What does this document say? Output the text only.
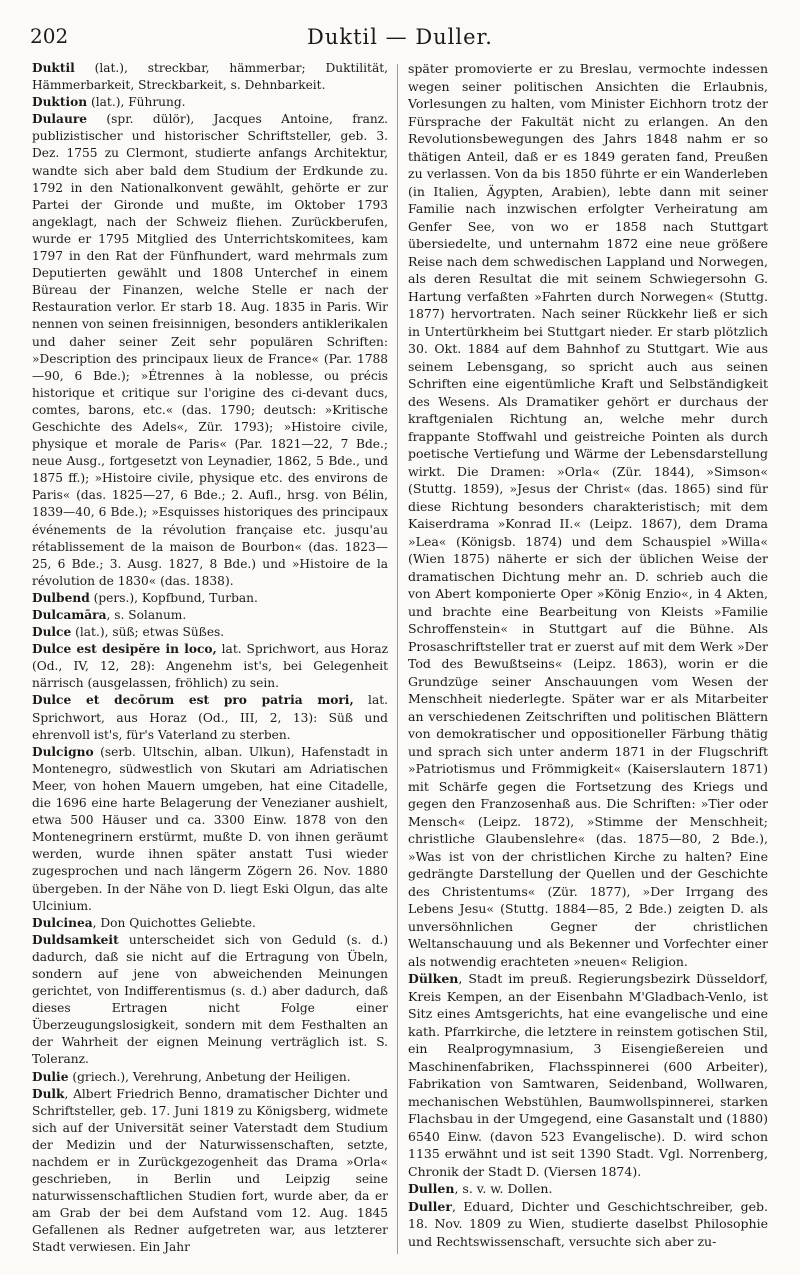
202	Duktil — Duller.

Duktil (lat.), streckbar, hämmerbar; Duktilität, Hämmerbarkeit, Streckbarkeit, s. Dehnbarkeit.

Duktion (lat.), Führung.

Dulaure (spr. dülör), Jacques Antoine, franz. publizistischer und historischer Schriftsteller, geb. 3. Dez. 1755 zu Clermont, studierte anfangs Architektur, wandte sich aber bald dem Studium der Erdkunde zu. 1792 in den Nationalkonvent gewählt, gehörte er zur Partei der Gironde und mußte, im Oktober 1793 angeklagt, nach der Schweiz fliehen. Zurückberufen, wurde er 1795 Mitglied des Unterrichtskomitees, kam 1797 in den Rat der Fünfhundert, ward mehrmals zum Deputierten gewählt und 1808 Unterchef in einem Büreau der Finanzen, welche Stelle er nach der Restauration verlor. Er starb 18. Aug. 1835 in Paris. Wir nennen von seinen freisinnigen, besonders antiklerikalen und daher seiner Zeit sehr populären Schriften: »Description des principaux lieux de France« (Par. 1788—90, 6 Bde.); »Étrennes à la noblesse, ou précis historique et critique sur l'origine des ci-devant ducs, comtes, barons, etc.« (das. 1790; deutsch: »Kritische Geschichte des Adels«, Zür. 1793); »Histoire civile, physique et morale de Paris« (Par. 1821—22, 7 Bde.; neue Ausg., fortgesetzt von Leynadier, 1862, 5 Bde., und 1875 ff.); »Histoire civile, physique etc. des environs de Paris« (das. 1825—27, 6 Bde.; 2. Aufl., hrsg. von Bélin, 1839—40, 6 Bde.); »Esquisses historiques des principaux événements de la révolution française etc. jusqu'au rétablissement de la maison de Bourbon« (das. 1823—25, 6 Bde.; 3. Ausg. 1827, 8 Bde.) und »Histoire de la révolution de 1830« (das. 1838).

Dulbend (pers.), Kopfbund, Turban.

Dulcamāra, s. Solanum.

Dulce (lat.), süß; etwas Süßes.

Dulce est desipĕre in loco, lat. Sprichwort, aus Horaz (Od., IV, 12, 28): Angenehm ist's, bei Gelegenheit närrisch (ausgelassen, fröhlich) zu sein.

Dulce et decōrum est pro patria mori, lat. Sprichwort, aus Horaz (Od., III, 2, 13): Süß und ehrenvoll ist's, für's Vaterland zu sterben.

Dulcigno (serb. Ultschin, alban. Ulkun), Hafenstadt in Montenegro, südwestlich von Skutari am Adriatischen Meer, von hohen Mauern umgeben, hat eine Citadelle, die 1696 eine harte Belagerung der Venezianer aushielt, etwa 500 Häuser und ca. 3300 Einw. 1878 von den Montenegrinern erstürmt, mußte D. von ihnen geräumt werden, wurde ihnen später anstatt Tusi wieder zugesprochen und nach längerm Zögern 26. Nov. 1880 übergeben. In der Nähe von D. liegt Eski Olgun, das alte Ulcinium.

Dulcinea, Don Quichottes Geliebte.

Duldsamkeit unterscheidet sich von Geduld (s. d.) dadurch, daß sie nicht auf die Ertragung von Übeln, sondern auf jene von abweichenden Meinungen gerichtet, von Indifferentismus (s. d.) aber dadurch, daß dieses Ertragen nicht Folge einer Überzeugungslosigkeit, sondern mit dem Festhalten an der Wahrheit der eignen Meinung verträglich ist. S. Toleranz.

Dulie (griech.), Verehrung, Anbetung der Heiligen.

Dulk, Albert Friedrich Benno, dramatischer Dichter und Schriftsteller, geb. 17. Juni 1819 zu Königsberg, widmete sich auf der Universität seiner Vaterstadt dem Studium der Medizin und der Naturwissenschaften, setzte, nachdem er in Zurückgezogenheit das Drama »Orla« geschrieben, in Berlin und Leipzig seine naturwissenschaftlichen Studien fort, wurde aber, da er am Grab der bei dem Aufstand vom 12. Aug. 1845 Gefallenen als Redner aufgetreten war, aus letzterer Stadt verwiesen. Ein Jahr

später promovierte er zu Breslau, vermochte indessen wegen seiner politischen Ansichten die Erlaubnis, Vorlesungen zu halten, vom Minister Eichhorn trotz der Fürsprache der Fakultät nicht zu erlangen. An den Revolutionsbewegungen des Jahrs 1848 nahm er so thätigen Anteil, daß er es 1849 geraten fand, Preußen zu verlassen. Von da bis 1850 führte er ein Wanderleben (in Italien, Ägypten, Arabien), lebte dann mit seiner Familie nach inzwischen erfolgter Verheiratung am Genfer See, von wo er 1858 nach Stuttgart übersiedelte, und unternahm 1872 eine neue größere Reise nach dem schwedischen Lappland und Norwegen, als deren Resultat die mit seinem Schwiegersohn G. Hartung verfaßten »Fahrten durch Norwegen« (Stuttg. 1877) hervortraten. Nach seiner Rückkehr ließ er sich in Untertürkheim bei Stuttgart nieder. Er starb plötzlich 30. Okt. 1884 auf dem Bahnhof zu Stuttgart. Wie aus seinem Lebensgang, so spricht auch aus seinen Schriften eine eigentümliche Kraft und Selbständigkeit des Wesens. Als Dramatiker gehört er durchaus der kraftgenialen Richtung an, welche mehr durch frappante Stoffwahl und geistreiche Pointen als durch poetische Vertiefung und Wärme der Lebensdarstellung wirkt. Die Dramen: »Orla« (Zür. 1844), »Simson« (Stuttg. 1859), »Jesus der Christ« (das. 1865) sind für diese Richtung besonders charakteristisch; mit dem Kaiserdrama »Konrad II.« (Leipz. 1867), dem Drama »Lea« (Königsb. 1874) und dem Schauspiel »Willa« (Wien 1875) näherte er sich der üblichen Weise der dramatischen Dichtung mehr an. D. schrieb auch die von Abert komponierte Oper »König Enzio«, in 4 Akten, und brachte eine Bearbeitung von Kleists »Familie Schroffenstein« in Stuttgart auf die Bühne. Als Prosaschriftsteller trat er zuerst auf mit dem Werk »Der Tod des Bewußtseins« (Leipz. 1863), worin er die Grundzüge seiner Anschauungen vom Wesen der Menschheit niederlegte. Später war er als Mitarbeiter an verschiedenen Zeitschriften und politischen Blättern von demokratischer und oppositioneller Färbung thätig und sprach sich unter anderm 1871 in der Flugschrift »Patriotismus und Frömmigkeit« (Kaiserslautern 1871) mit Schärfe gegen die Fortsetzung des Kriegs und gegen den Franzosenhaß aus. Die Schriften: »Tier oder Mensch« (Leipz. 1872), »Stimme der Menschheit; christliche Glaubenslehre« (das. 1875—80, 2 Bde.), »Was ist von der christlichen Kirche zu halten? Eine gedrängte Darstellung der Quellen und der Geschichte des Christentums« (Zür. 1877), »Der Irrgang des Lebens Jesu« (Stuttg. 1884—85, 2 Bde.) zeigten D. als unversöhnlichen Gegner der christlichen Weltanschauung und als Bekenner und Vorfechter einer als notwendig erachteten »neuen« Religion.

Dülken, Stadt im preuß. Regierungsbezirk Düsseldorf, Kreis Kempen, an der Eisenbahn M'Gladbach-Venlo, ist Sitz eines Amtsgerichts, hat eine evangelische und eine kath. Pfarrkirche, die letztere in reinstem gotischen Stil, ein Realprogymnasium, 3 Eisengießereien und Maschinenfabriken, Flachsspinnerei (600 Arbeiter), Fabrikation von Samtwaren, Seidenband, Wollwaren, mechanischen Webstühlen, Baumwollspinnerei, starken Flachsbau in der Umgegend, eine Gasanstalt und (1880) 6540 Einw. (davon 523 Evangelische). D. wird schon 1135 erwähnt und ist seit 1390 Stadt. Vgl. Norrenberg, Chronik der Stadt D. (Viersen 1874).

Dullen, s. v. w. Dollen.

Duller, Eduard, Dichter und Geschichtschreiber, geb. 18. Nov. 1809 zu Wien, studierte daselbst Philosophie und Rechtswissenschaft, versuchte sich aber zu-
